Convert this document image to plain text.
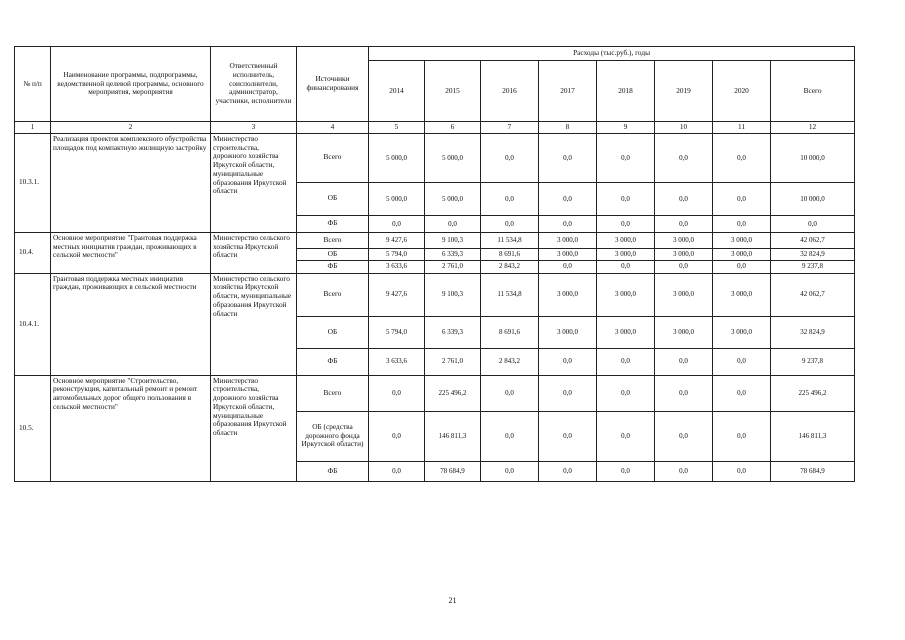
№ п/п	Наименование программы, подпрограммы, ведомственной целевой программы, основного мероприятия, мероприятия	Ответственный исполнитель, соисполнители, администратор, участники, исполнители	Источники финансирования	Расходы (тыс.руб.), годы							
				2014	2015	2016	2017	2018	2019	2020	Всего
1	2	3	4	5	6	7	8	9	10	11	12
10.3.1.	Реализация проектов комплексного обустройства площадок под компактную жилищную застройку	Министерство строительства, дорожного хозяйства Иркутской области, муниципальные образования Иркутской области	Всего	5 000,0	5 000,0	0,0	0,0	0,0	0,0	0,0	10 000,0
			ОБ	5 000,0	5 000,0	0,0	0,0	0,0	0,0	0,0	10 000,0
			ФБ	0,0	0,0	0,0	0,0	0,0	0,0	0,0	0,0
10.4.	Основное мероприятие "Грантовая поддержка местных инициатив граждан, проживающих в сельской местности"	Министерство сельского хозяйства Иркутской области	Всего	9 427,6	9 100,3	11 534,8	3 000,0	3 000,0	3 000,0	3 000,0	42 062,7
			ОБ	5 794,0	6 339,3	8 691,6	3 000,0	3 000,0	3 000,0	3 000,0	32 824,9
			ФБ	3 633,6	2 761,0	2 843,2	0,0	0,0	0,0	0,0	9 237,8
10.4.1.	Грантовая поддержка местных инициатив граждан, проживающих в сельской местности	Министерство сельского хозяйства Иркутской области, муниципальные образования Иркутской области	Всего	9 427,6	9 100,3	11 534,8	3 000,0	3 000,0	3 000,0	3 000,0	42 062,7
			ОБ	5 794,0	6 339,3	8 691,6	3 000,0	3 000,0	3 000,0	3 000,0	32 824,9
			ФБ	3 633,6	2 761,0	2 843,2	0,0	0,0	0,0	0,0	9 237,8
10.5.	Основное мероприятие "Строительство, реконструкция, капитальный ремонт и ремонт автомобильных дорог общего пользования в сельской местности"	Министерство строительства, дорожного хозяйства Иркутской области, муниципальные образования Иркутской области	Всего	0,0	225 496,2	0,0	0,0	0,0	0,0	0,0	225 496,2
			ОБ (средства дорожного фонда Иркутской области)	0,0	146 811,3	0,0	0,0	0,0	0,0	0,0	146 811,3
			ФБ	0,0	78 684,9	0,0	0,0	0,0	0,0	0,0	78 684,9
21
